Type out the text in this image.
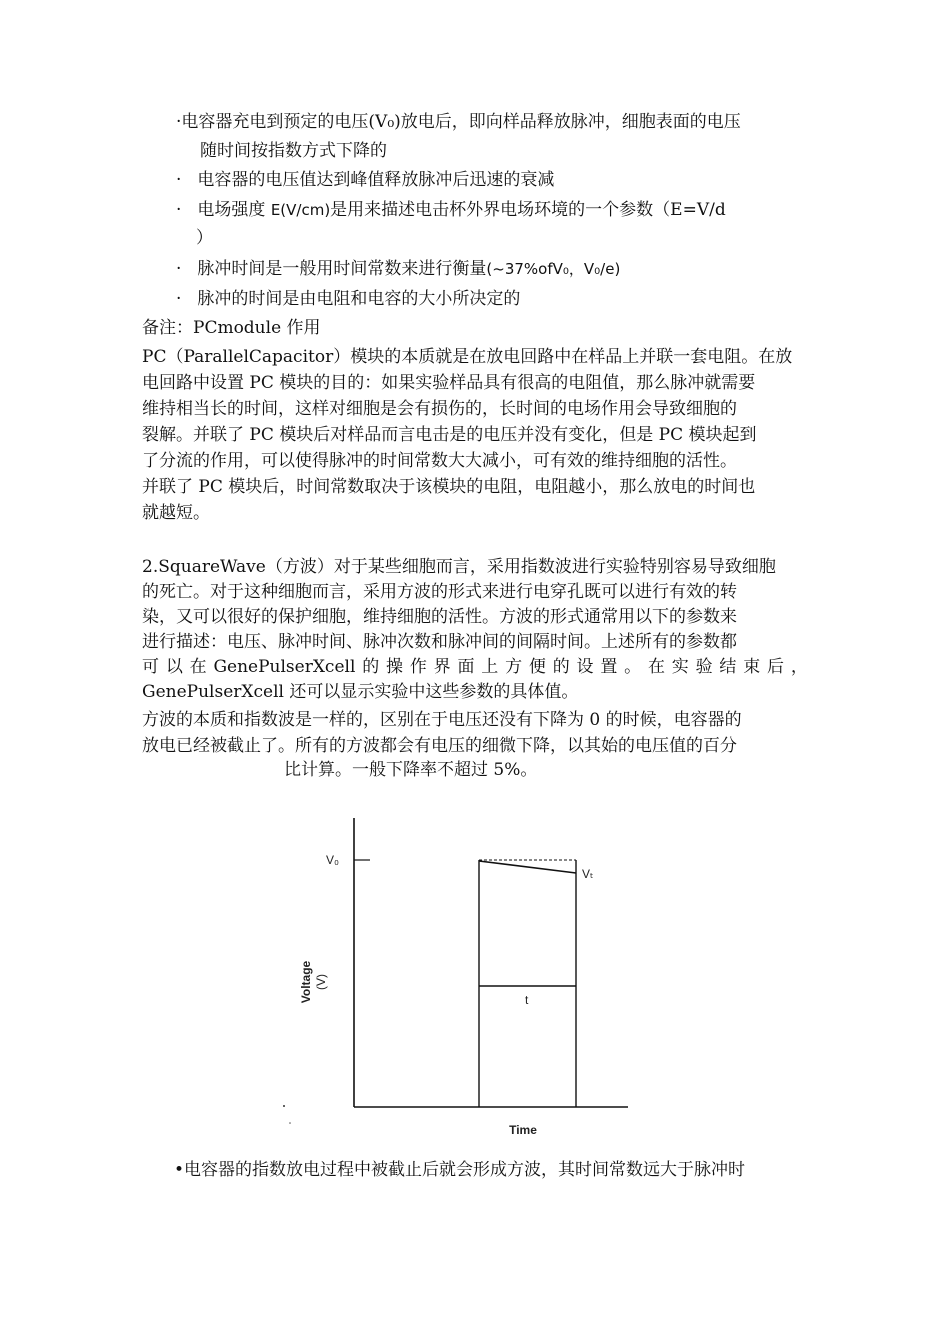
·电容器充电到预定的电压(V₀)放电后，即向样品释放脉冲，细胞表面的电压
随时间按指数方式下降的
· 电容器的电压值达到峰值释放脉冲后迅速的衰减
· 电场强度 E(V/cm)是用来描述电击杯外界电场环境的一个参数（E=V/d
）
· 脉冲时间是一般用时间常数来进行衡量(~37%ofV₀，V₀/e)
· 脉冲的时间是由电阻和电容的大小所决定的
备注：PCmodule 作用
PC（ParallelCapacitor）模块的本质就是在放电回路中在样品上并联一套电阻。在放
电回路中设置 PC 模块的目的：如果实验样品具有很高的电阻值，那么脉冲就需要
维持相当长的时间，这样对细胞是会有损伤的，长时间的电场作用会导致细胞的
裂解。并联了 PC 模块后对样品而言电击是的电压并没有变化，但是 PC 模块起到
了分流的作用，可以使得脉冲的时间常数大大减小，可有效的维持细胞的活性。
并联了 PC 模块后，时间常数取决于该模块的电阻，电阻越小，那么放电的时间也
就越短。
2.SquareWave（方波）对于某些细胞而言，采用指数波进行实验特别容易导致细胞
的死亡。对于这种细胞而言，采用方波的形式来进行电穿孔既可以进行有效的转
染，又可以很好的保护细胞，维持细胞的活性。方波的形式通常用以下的参数来
进行描述：电压、脉冲时间、脉冲次数和脉冲间的间隔时间。上述所有的参数都
可 以 在 GenePulserXcell 的 操 作 界 面 上 方 便 的 设 置 。 在 实 验 结 束 后 ，
GenePulserXcell 还可以显示实验中这些参数的具体值。
方波的本质和指数波是一样的，区别在于电压还没有下降为 0 的时候，电容器的
放电已经被截止了。所有的方波都会有电压的细微下降，以其始的电压值的百分
比计算。一般下降率不超过 5%。
V₀
Vₜ
t
Voltage (V)
Time
•电容器的指数放电过程中被截止后就会形成方波，其时间常数远大于脉冲时
